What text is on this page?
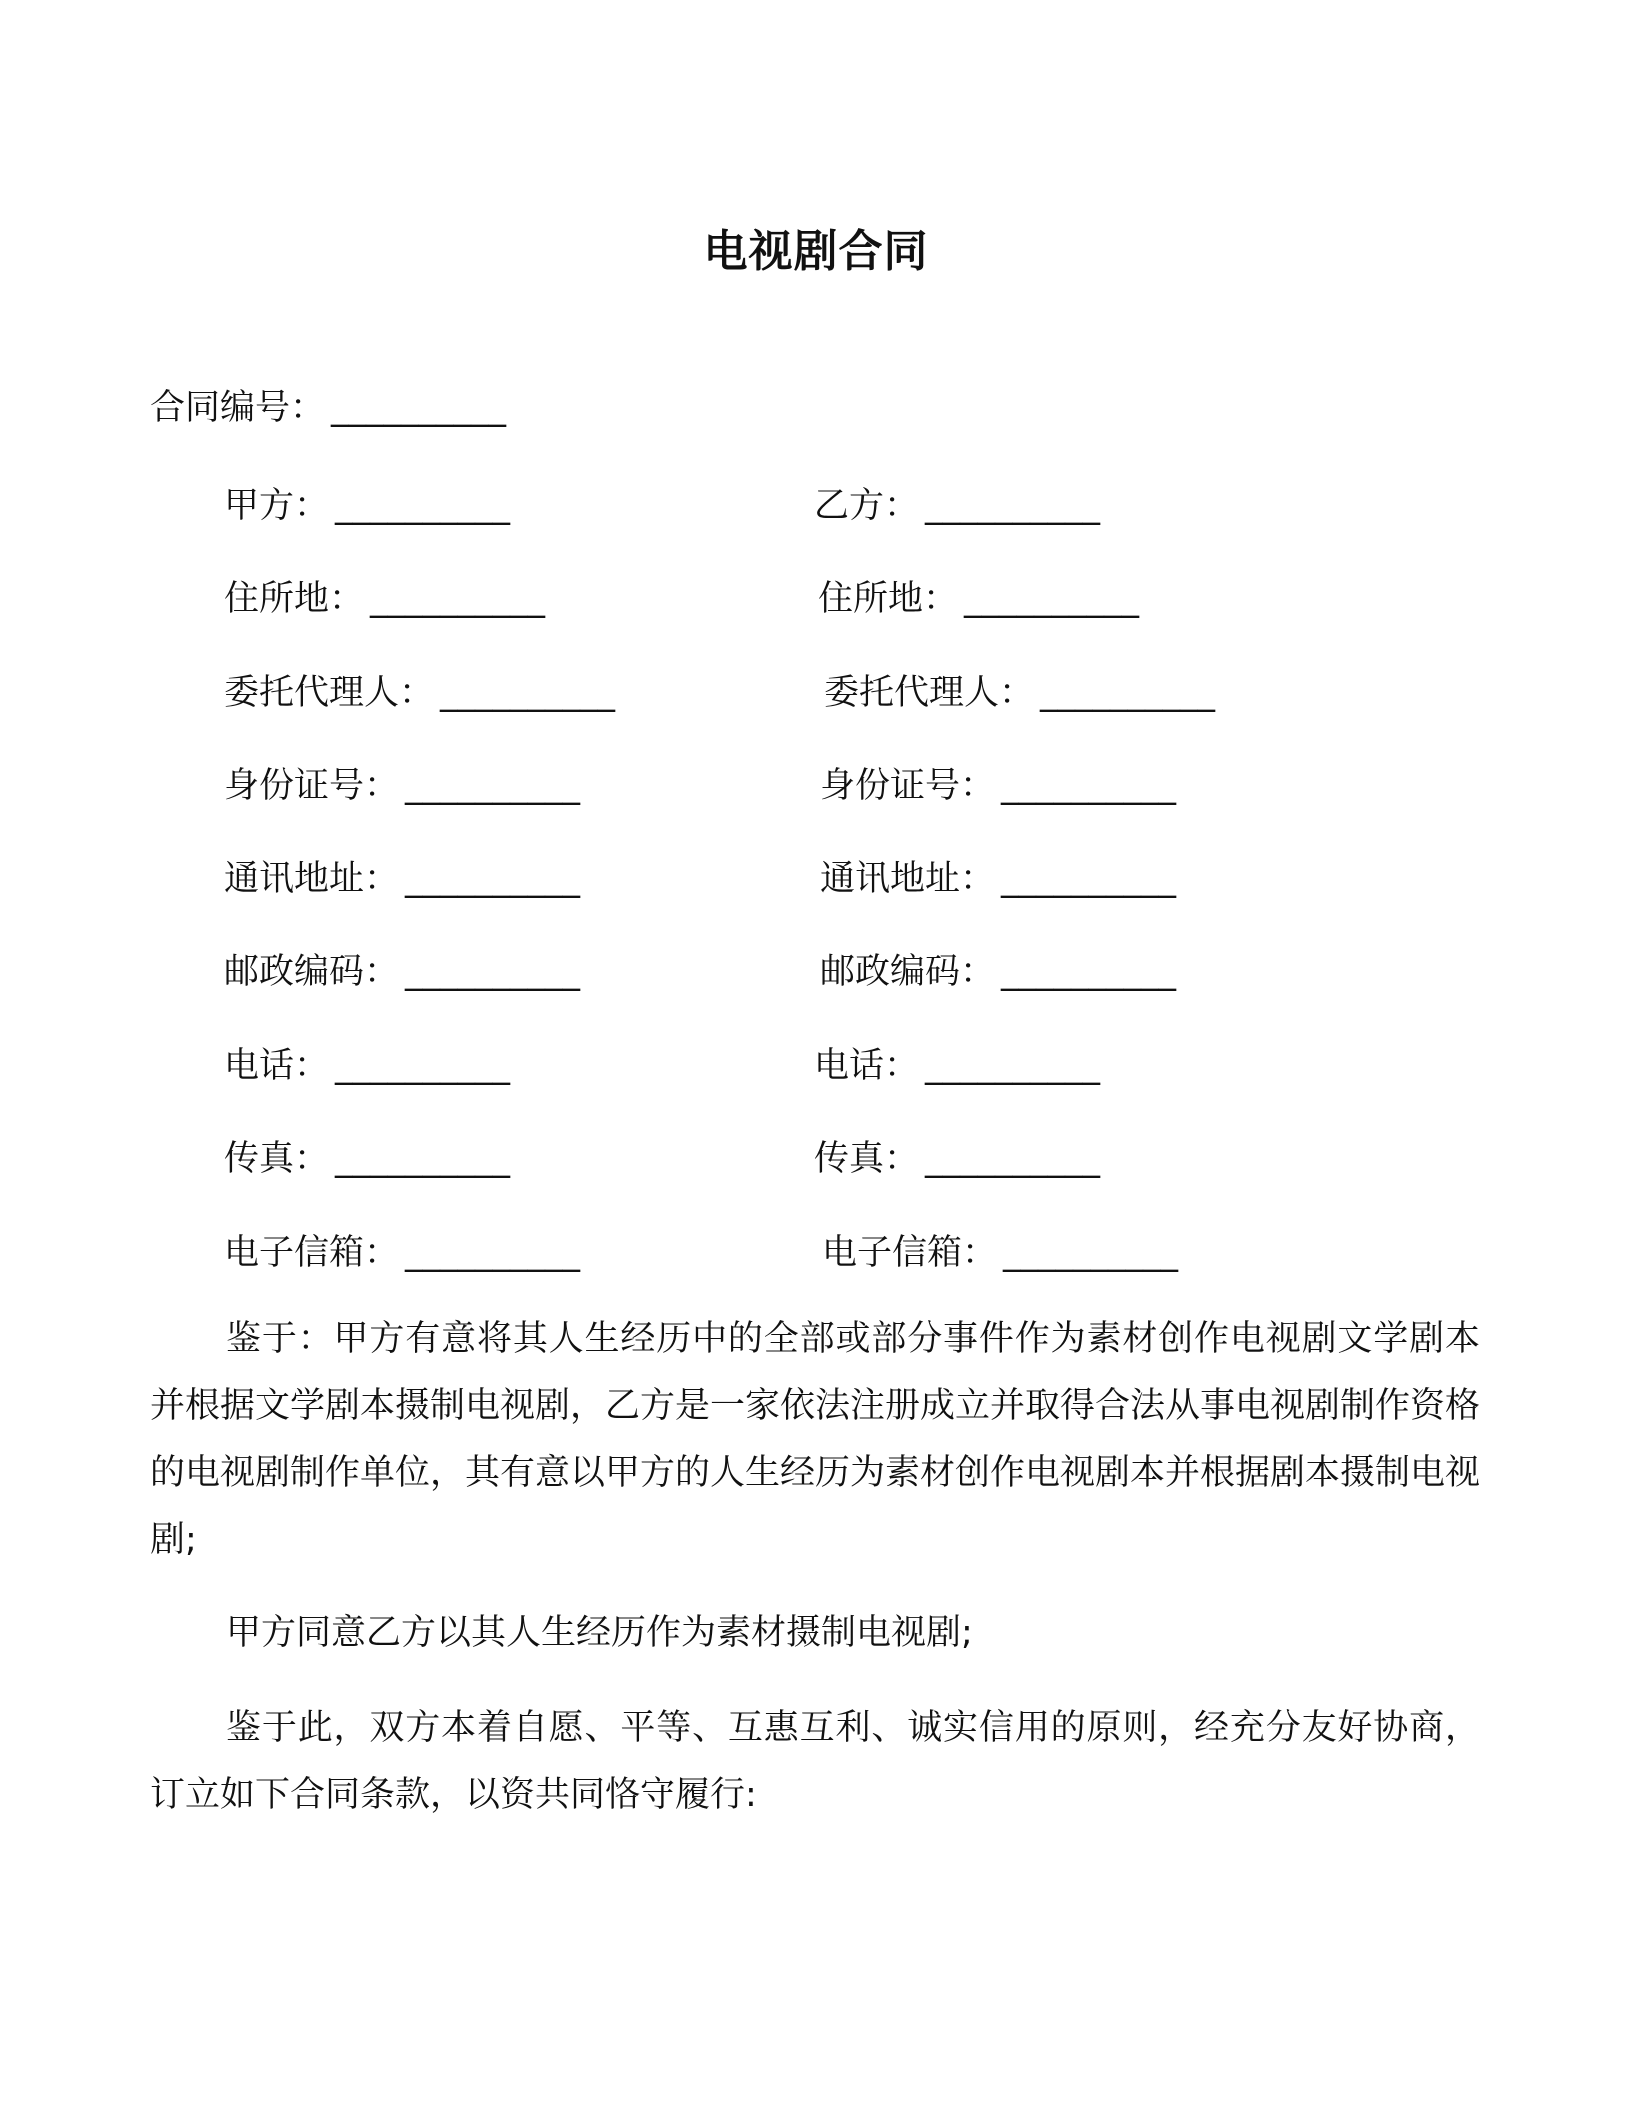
电视剧合同
合同编号： __________
甲方： __________
住所地： __________
委托代理人： __________
身份证号： __________
通讯地址： __________
邮政编码： __________
电话： __________
传真： __________
电子信箱： __________
乙方： __________
住所地： __________
委托代理人： __________
身份证号： __________
通讯地址： __________
邮政编码： __________
电话： __________
传真： __________
电子信箱： __________

鉴于：甲方有意将其人生经历中的全部或部分事件作为素材创作电视剧文学剧本并根据文学剧本摄制电视剧，乙方是一家依法注册成立并取得合法从事电视剧制作资格的电视剧制作单位，其有意以甲方的人生经历为素材创作电视剧本并根据剧本摄制电视剧;

甲方同意乙方以其人生经历作为素材摄制电视剧;

鉴于此，双方本着自愿、平等、互惠互利、诚实信用的原则，经充分友好协商，订立如下合同条款，以资共同恪守履行:
